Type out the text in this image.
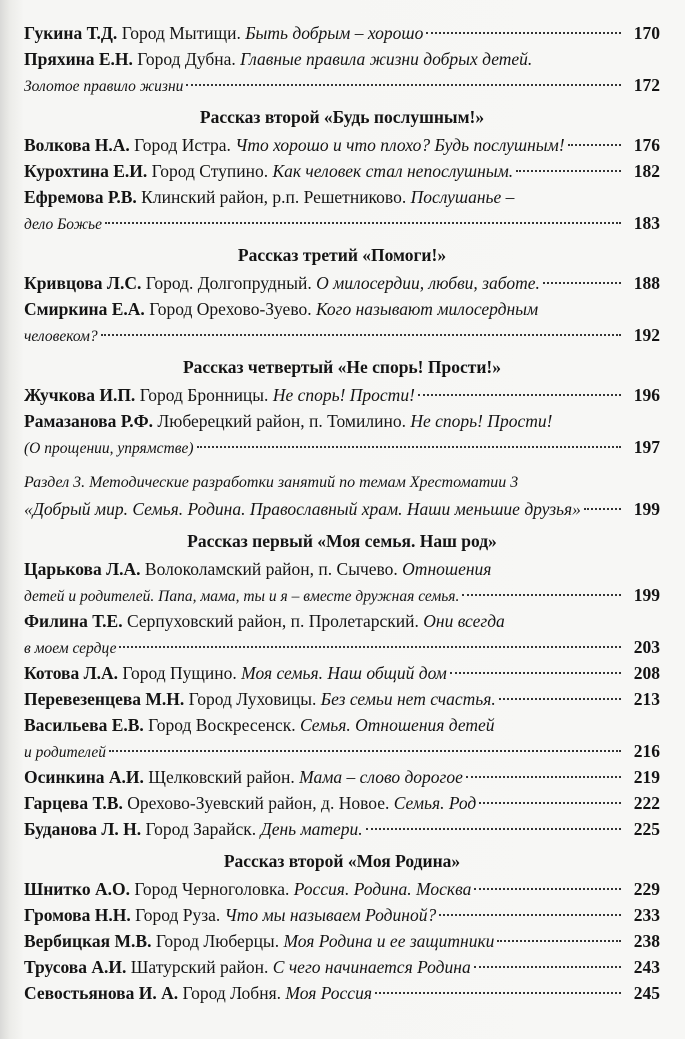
Гукина Т.Д. Город Мытищи. Быть добрым – хорошо	170
Пряхина Е.Н. Город Дубна. Главные правила жизни добрых детей.
Золотое правило жизни	172
Рассказ второй «Будь послушным!»
Волкова Н.А. Город Истра. Что хорошо и что плохо? Будь послушным!	176
Курохтина Е.И. Город Ступино. Как человек стал непослушным.	182
Ефремова Р.В. Клинский район, р.п. Решетниково. Послушанье –
дело Божье	183
Рассказ третий «Помоги!»
Кривцова Л.С. Город. Долгопрудный. О милосердии, любви, заботе.	188
Смиркина Е.А. Город Орехово-Зуево. Кого называют милосердным
человеком?	192
Рассказ четвертый «Не спорь! Прости!»
Жучкова И.П. Город Бронницы. Не спорь! Прости!	196
Рамазанова Р.Ф. Люберецкий район, п. Томилино. Не спорь! Прости!
(О прощении, упрямстве)	197
Раздел 3. Методические разработки занятий по темам Хрестоматии 3
«Добрый мир. Семья. Родина. Православный храм. Наши меньшие друзья»	199
Рассказ первый «Моя семья. Наш род»
Царькова Л.А. Волоколамский район, п. Сычево. Отношения
детей и родителей. Папа, мама, ты и я – вместе дружная семья.	199
Филина Т.Е. Серпуховский район, п. Пролетарский. Они всегда
в моем сердце	203
Котова Л.А. Город Пущино. Моя семья. Наш общий дом	208
Перевезенцева М.Н. Город Луховицы. Без семьи нет счастья.	213
Васильева Е.В. Город Воскресенск. Семья. Отношения детей
и родителей	216
Осинкина А.И. Щелковский район. Мама – слово дорогое	219
Гарцева Т.В. Орехово-Зуевский район, д. Новое. Семья. Род	222
Буданова Л. Н. Город Зарайск. День матери.	225
Рассказ второй «Моя Родина»
Шнитко А.О. Город Черноголовка. Россия. Родина. Москва	229
Громова Н.Н. Город Руза. Что мы называем Родиной?	233
Вербицкая М.В. Город Люберцы. Моя Родина и ее защитники	238
Трусова А.И. Шатурский район. С чего начинается Родина	243
Севостьянова И. А. Город Лобня. Моя Россия	245
